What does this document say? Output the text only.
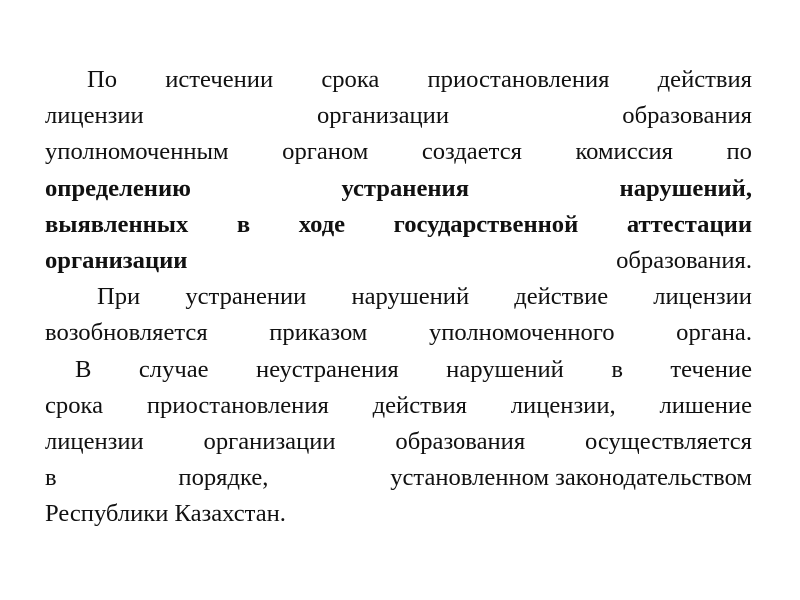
По истечении срока приостановления действия
лицензии	организации	образования
уполномоченным органом создается комиссия по
определению	устранения	нарушений,
выявленных в ходе государственной аттестации
организации	образования.
При устранении нарушений действие лицензии
возобновляется	приказом	уполномоченного	органа.
В случае неустранения нарушений в течение
срока приостановления действия лицензии, лишение
лицензии организации образования осуществляется
в	порядке,	установленном законодательством
Республики Казахстан.
